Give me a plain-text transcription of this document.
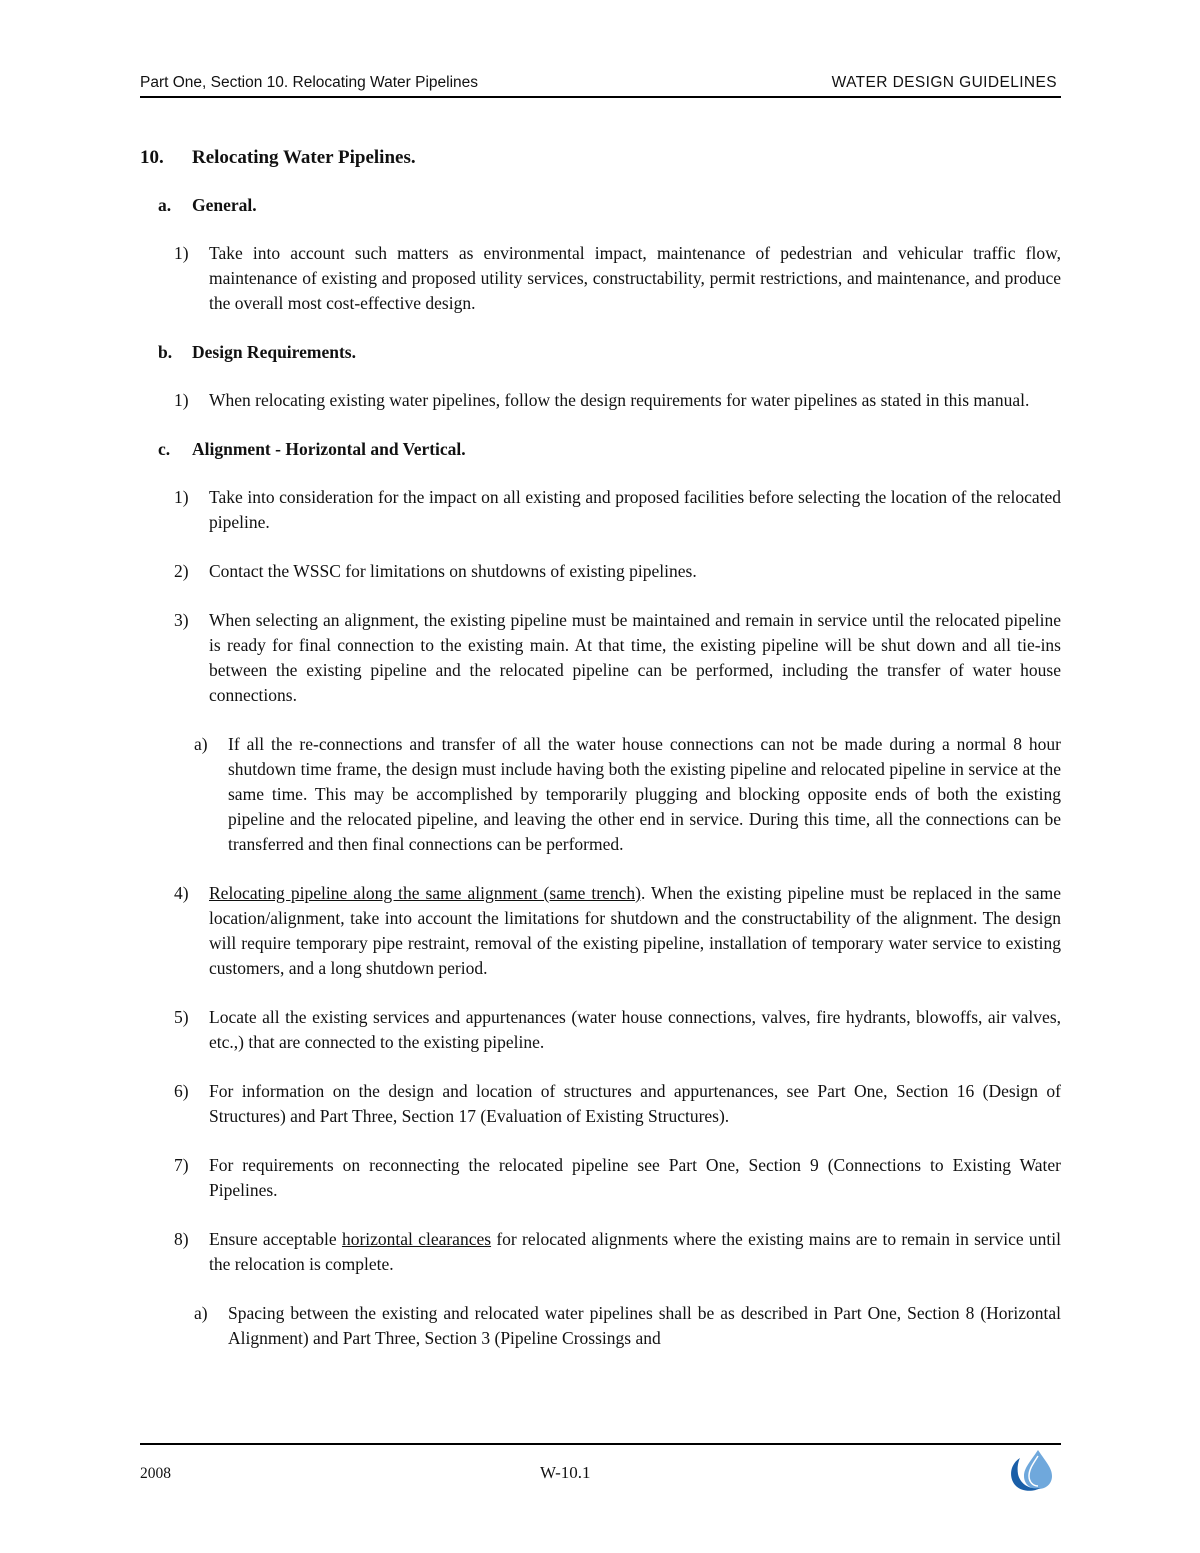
Part One, Section 10. Relocating Water Pipelines	WATER DESIGN GUIDELINES
10. Relocating Water Pipelines.
a. General.
1) Take into account such matters as environmental impact, maintenance of pedestrian and vehicular traffic flow, maintenance of existing and proposed utility services, constructability, permit restrictions, and maintenance, and produce the overall most cost-effective design.
b. Design Requirements.
1) When relocating existing water pipelines, follow the design requirements for water pipelines as stated in this manual.
c. Alignment - Horizontal and Vertical.
1) Take into consideration for the impact on all existing and proposed facilities before selecting the location of the relocated pipeline.
2) Contact the WSSC for limitations on shutdowns of existing pipelines.
3) When selecting an alignment, the existing pipeline must be maintained and remain in service until the relocated pipeline is ready for final connection to the existing main. At that time, the existing pipeline will be shut down and all tie-ins between the existing pipeline and the relocated pipeline can be performed, including the transfer of water house connections.
a) If all the re-connections and transfer of all the water house connections can not be made during a normal 8 hour shutdown time frame, the design must include having both the existing pipeline and relocated pipeline in service at the same time. This may be accomplished by temporarily plugging and blocking opposite ends of both the existing pipeline and the relocated pipeline, and leaving the other end in service. During this time, all the connections can be transferred and then final connections can be performed.
4) Relocating pipeline along the same alignment (same trench). When the existing pipeline must be replaced in the same location/alignment, take into account the limitations for shutdown and the constructability of the alignment. The design will require temporary pipe restraint, removal of the existing pipeline, installation of temporary water service to existing customers, and a long shutdown period.
5) Locate all the existing services and appurtenances (water house connections, valves, fire hydrants, blowoffs, air valves, etc.,) that are connected to the existing pipeline.
6) For information on the design and location of structures and appurtenances, see Part One, Section 16 (Design of Structures) and Part Three, Section 17 (Evaluation of Existing Structures).
7) For requirements on reconnecting the relocated pipeline see Part One, Section 9 (Connections to Existing Water Pipelines.
8) Ensure acceptable horizontal clearances for relocated alignments where the existing mains are to remain in service until the relocation is complete.
a) Spacing between the existing and relocated water pipelines shall be as described in Part One, Section 8 (Horizontal Alignment) and Part Three, Section 3 (Pipeline Crossings and
2008	W-10.1
